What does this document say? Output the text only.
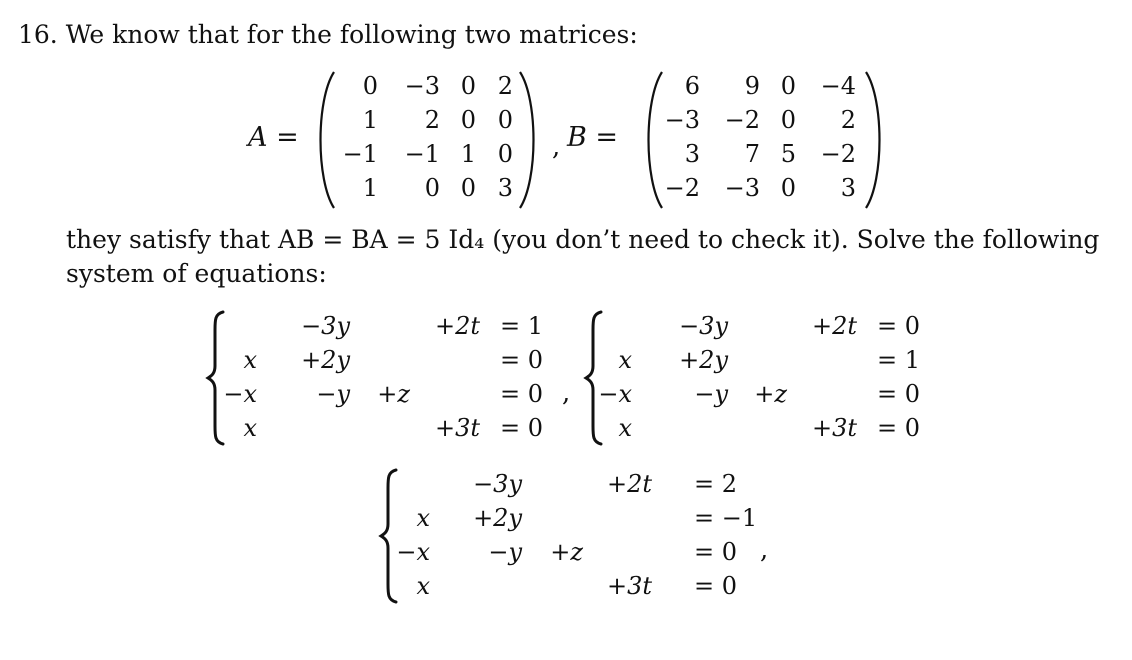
16. We know that for the following two matrices:
A =
0	−3 0 2
1	2 0 0
−1	−1 1 0
1	0 0 3
, B =
6	9 0	−4
−3	−2 0	2
3	7 5	−2
−2	−3 0	3
they satisfy that AB = BA = 5 Id₄ (you don’t need to check it). Solve the following
system of equations:
−3y	+2t = 1
x	+2y	= 0
−x	−y	+z	= 0
x	+3t = 0
,
−3y	+2t = 0
x	+2y	= 1
−x	−y	+z	= 0
x	+3t = 0
−3y	+2t = 2
x	+2y	= −1
−x	−y	+z	= 0
x	+3t = 0
,
